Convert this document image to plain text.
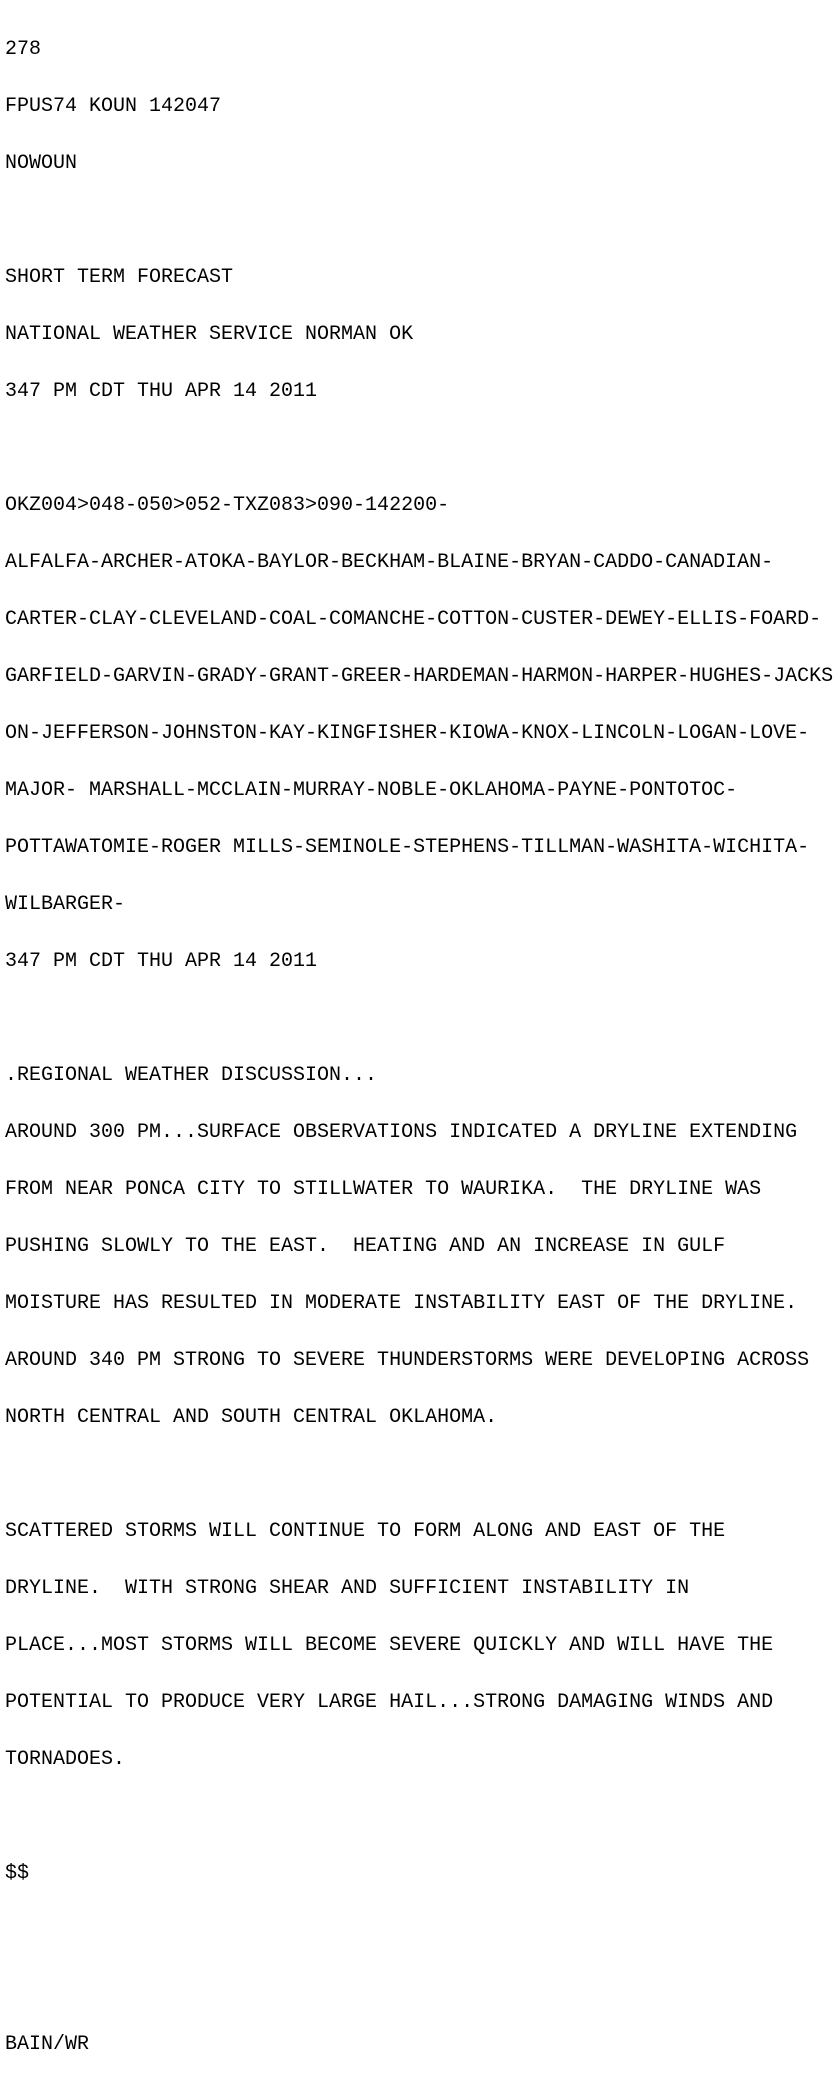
278

FPUS74 KOUN 142047

NOWOUN

SHORT TERM FORECAST

NATIONAL WEATHER SERVICE NORMAN OK

347 PM CDT THU APR 14 2011

OKZ004>048-050>052-TXZ083>090-142200-

ALFALFA-ARCHER-ATOKA-BAYLOR-BECKHAM-BLAINE-BRYAN-CADDO-CANADIAN-

CARTER-CLAY-CLEVELAND-COAL-COMANCHE-COTTON-CUSTER-DEWEY-ELLIS-FOARD-

GARFIELD-GARVIN-GRADY-GRANT-GREER-HARDEMAN-HARMON-HARPER-HUGHES-JACKS

ON-JEFFERSON-JOHNSTON-KAY-KINGFISHER-KIOWA-KNOX-LINCOLN-LOGAN-LOVE-

MAJOR- MARSHALL-MCCLAIN-MURRAY-NOBLE-OKLAHOMA-PAYNE-PONTOTOC-

POTTAWATOMIE-ROGER MILLS-SEMINOLE-STEPHENS-TILLMAN-WASHITA-WICHITA-

WILBARGER-

347 PM CDT THU APR 14 2011

.REGIONAL WEATHER DISCUSSION...

AROUND 300 PM...SURFACE OBSERVATIONS INDICATED A DRYLINE EXTENDING

FROM NEAR PONCA CITY TO STILLWATER TO WAURIKA.  THE DRYLINE WAS

PUSHING SLOWLY TO THE EAST.  HEATING AND AN INCREASE IN GULF

MOISTURE HAS RESULTED IN MODERATE INSTABILITY EAST OF THE DRYLINE.

AROUND 340 PM STRONG TO SEVERE THUNDERSTORMS WERE DEVELOPING ACROSS

NORTH CENTRAL AND SOUTH CENTRAL OKLAHOMA.

SCATTERED STORMS WILL CONTINUE TO FORM ALONG AND EAST OF THE

DRYLINE.  WITH STRONG SHEAR AND SUFFICIENT INSTABILITY IN

PLACE...MOST STORMS WILL BECOME SEVERE QUICKLY AND WILL HAVE THE

POTENTIAL TO PRODUCE VERY LARGE HAIL...STRONG DAMAGING WINDS AND

TORNADOES.

$$

BAIN/WR
